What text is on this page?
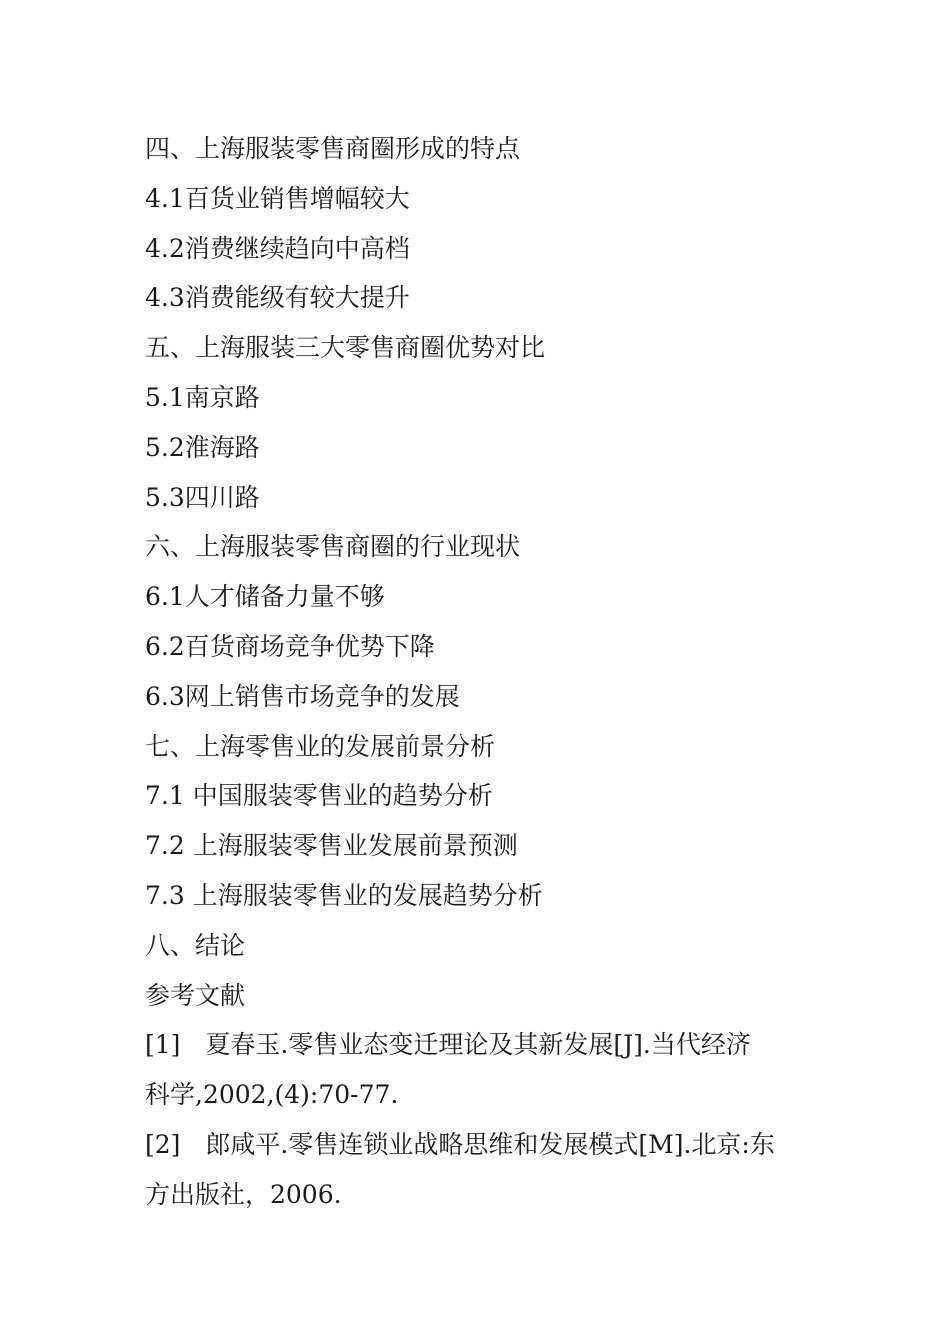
四、上海服装零售商圈形成的特点
4.1百货业销售增幅较大
4.2消费继续趋向中高档
4.3消费能级有较大提升
五、上海服装三大零售商圈优势对比
5.1南京路
5.2淮海路
5.3四川路
六、上海服装零售商圈的行业现状
6.1人才储备力量不够
6.2百货商场竞争优势下降
6.3网上销售市场竞争的发展
七、上海零售业的发展前景分析
7.1 中国服装零售业的趋势分析
7.2 上海服装零售业发展前景预测
7.3 上海服装零售业的发展趋势分析
八、结论
参考文献
[1]　夏春玉.零售业态变迁理论及其新发展[J].当代经济
科学,2002,(4):70-77.
[2]　郎咸平.零售连锁业战略思维和发展模式[M].北京:东
方出版社，2006.
